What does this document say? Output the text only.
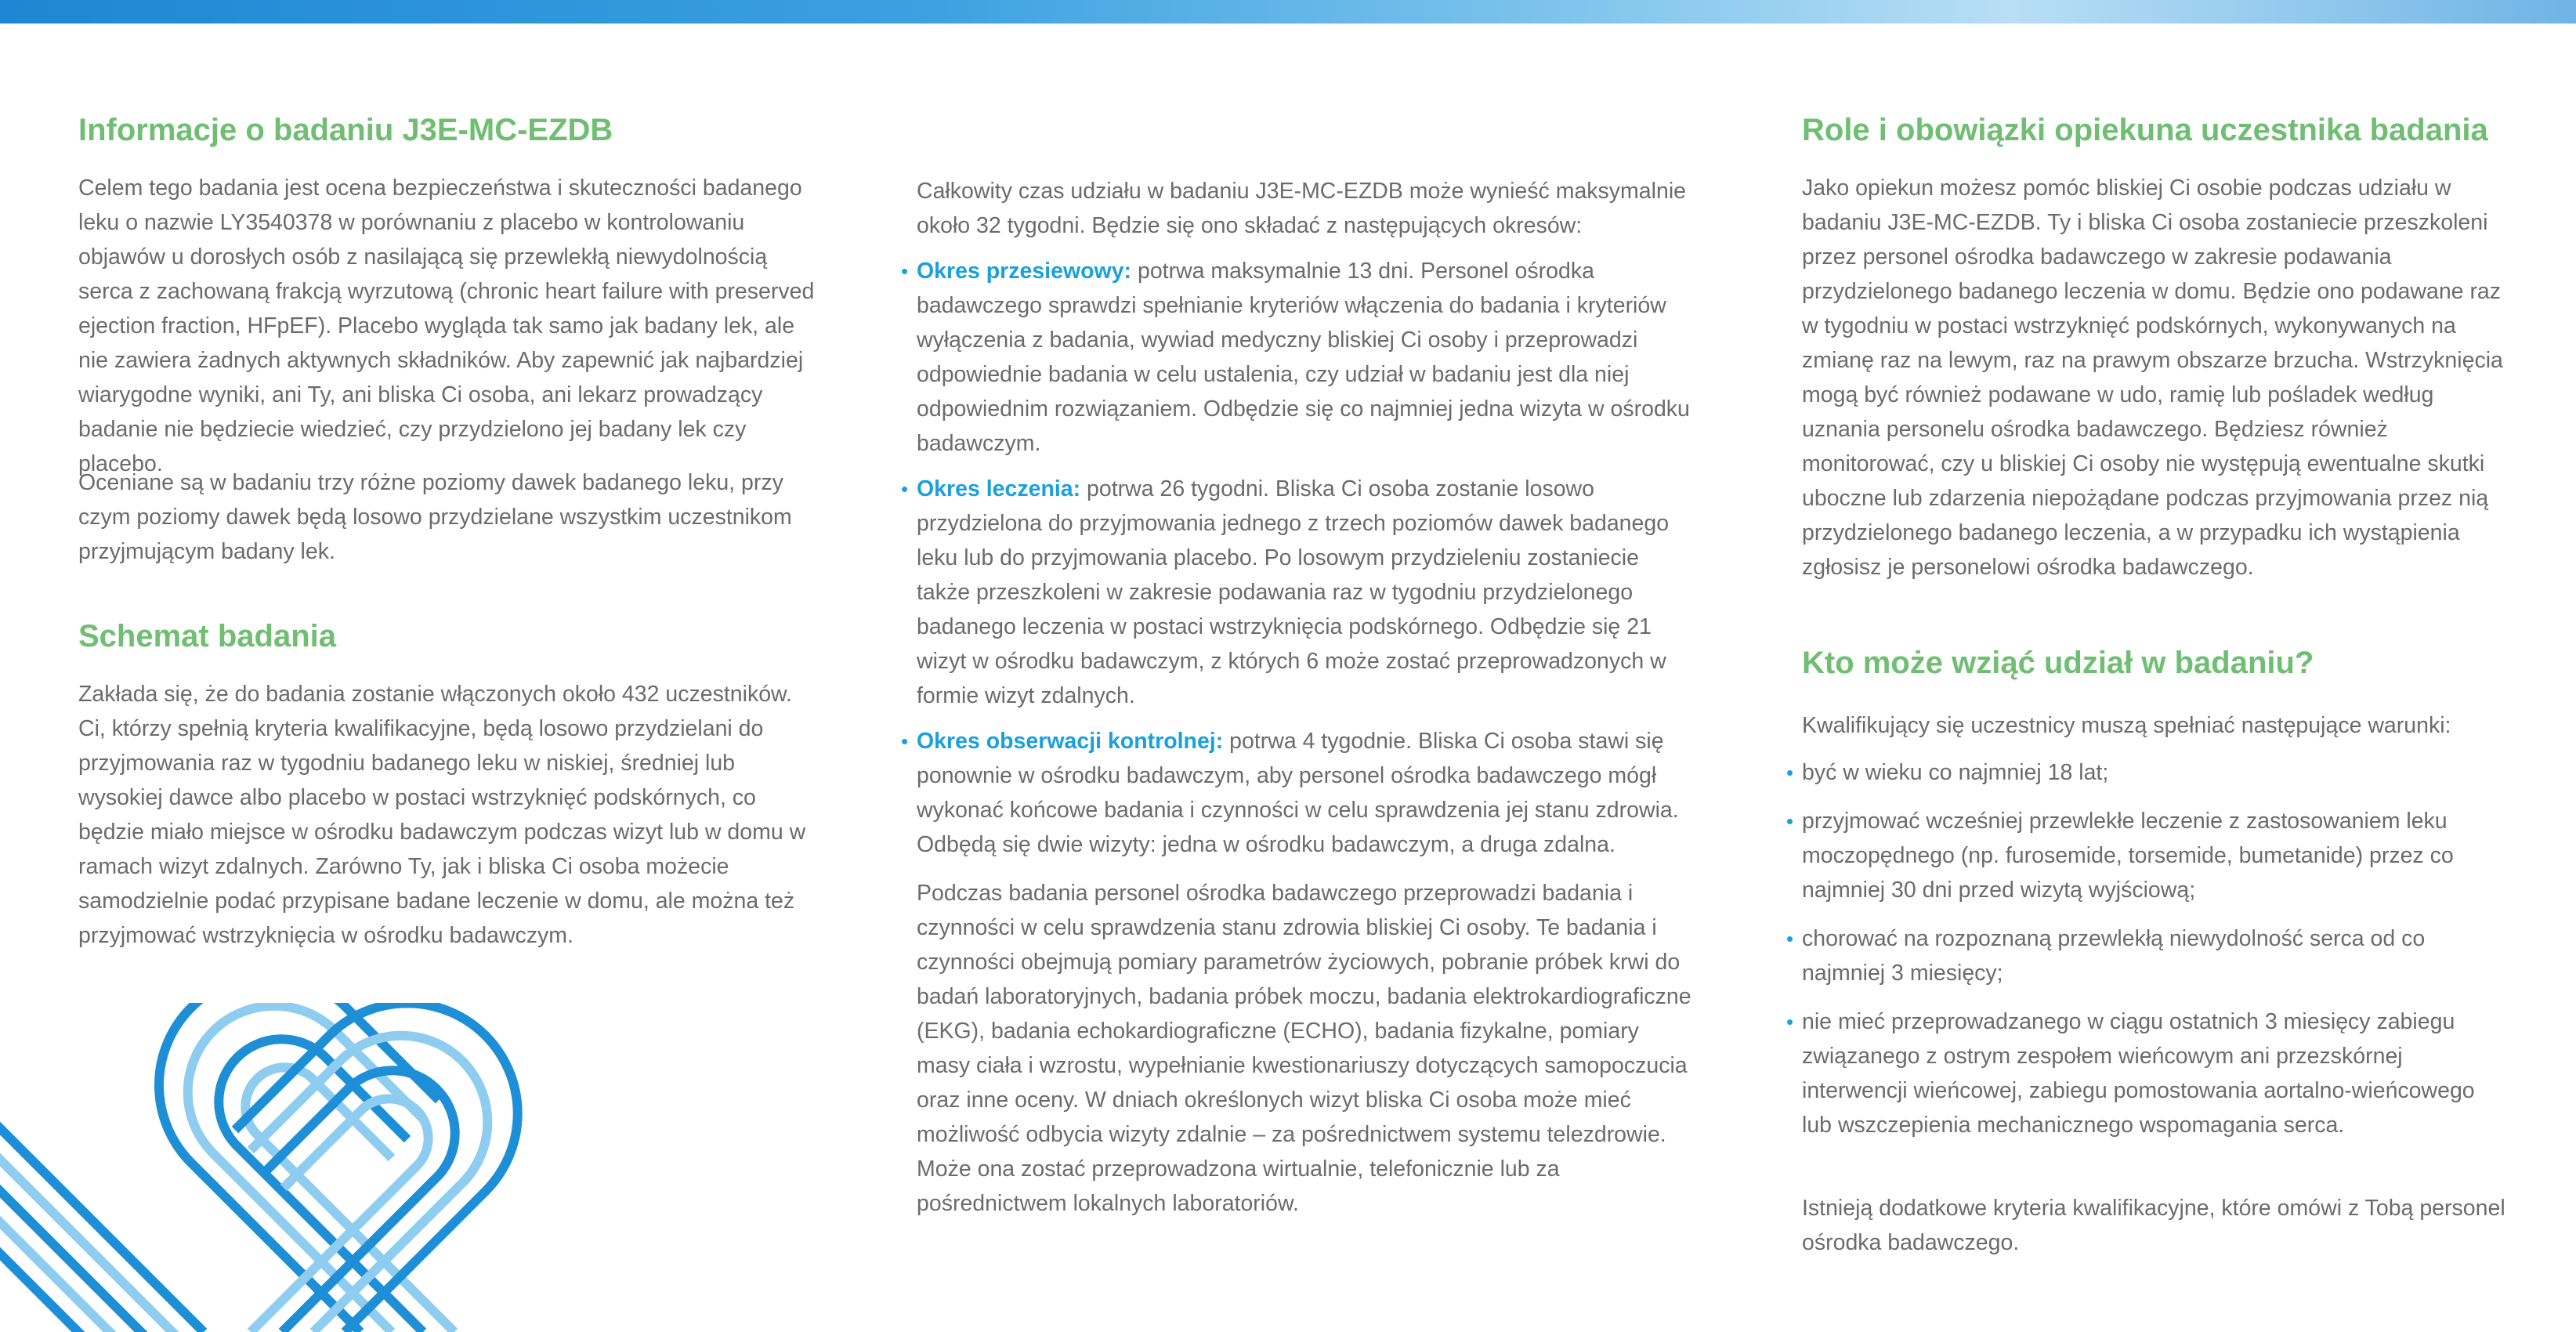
Informacje o badaniu J3E-MC-EZDB

Celem tego badania jest ocena bezpieczeństwa i skuteczności badanego leku o nazwie LY3540378 w porównaniu z placebo w kontrolowaniu objawów u dorosłych osób z nasilającą się przewlekłą niewydolnością serca z zachowaną frakcją wyrzutową (chronic heart failure with preserved ejection fraction, HFpEF). Placebo wygląda tak samo jak badany lek, ale nie zawiera żadnych aktywnych składników. Aby zapewnić jak najbardziej wiarygodne wyniki, ani Ty, ani bliska Ci osoba, ani lekarz prowadzący badanie nie będziecie wiedzieć, czy przydzielono jej badany lek czy placebo.

Oceniane są w badaniu trzy różne poziomy dawek badanego leku, przy czym poziomy dawek będą losowo przydzielane wszystkim uczestnikom przyjmującym badany lek.

Schemat badania

Zakłada się, że do badania zostanie włączonych około 432 uczestników. Ci, którzy spełnią kryteria kwalifikacyjne, będą losowo przydzielani do przyjmowania raz w tygodniu badanego leku w niskiej, średniej lub wysokiej dawce albo placebo w postaci wstrzyknięć podskórnych, co będzie miało miejsce w ośrodku badawczym podczas wizyt lub w domu w ramach wizyt zdalnych. Zarówno Ty, jak i bliska Ci osoba możecie samodzielnie podać przypisane badane leczenie w domu, ale można też przyjmować wstrzyknięcia w ośrodku badawczym.

Całkowity czas udziału w badaniu J3E-MC-EZDB może wynieść maksymalnie około 32 tygodni. Będzie się ono składać z następujących okresów:

• Okres przesiewowy: potrwa maksymalnie 13 dni. Personel ośrodka badawczego sprawdzi spełnianie kryteriów włączenia do badania i kryteriów wyłączenia z badania, wywiad medyczny bliskiej Ci osoby i przeprowadzi odpowiednie badania w celu ustalenia, czy udział w badaniu jest dla niej odpowiednim rozwiązaniem. Odbędzie się co najmniej jedna wizyta w ośrodku badawczym.
• Okres leczenia: potrwa 26 tygodni. Bliska Ci osoba zostanie losowo przydzielona do przyjmowania jednego z trzech poziomów dawek badanego leku lub do przyjmowania placebo. Po losowym przydzieleniu zostaniecie także przeszkoleni w zakresie podawania raz w tygodniu przydzielonego badanego leczenia w postaci wstrzyknięcia podskórnego. Odbędzie się 21 wizyt w ośrodku badawczym, z których 6 może zostać przeprowadzonych w formie wizyt zdalnych.
• Okres obserwacji kontrolnej: potrwa 4 tygodnie. Bliska Ci osoba stawi się ponownie w ośrodku badawczym, aby personel ośrodka badawczego mógł wykonać końcowe badania i czynności w celu sprawdzenia jej stanu zdrowia. Odbędą się dwie wizyty: jedna w ośrodku badawczym, a druga zdalna.

Podczas badania personel ośrodka badawczego przeprowadzi badania i czynności w celu sprawdzenia stanu zdrowia bliskiej Ci osoby. Te badania i czynności obejmują pomiary parametrów życiowych, pobranie próbek krwi do badań laboratoryjnych, badania próbek moczu, badania elektrokardiograficzne (EKG), badania echokardiograficzne (ECHO), badania fizykalne, pomiary masy ciała i wzrostu, wypełnianie kwestionariuszy dotyczących samopoczucia oraz inne oceny. W dniach określonych wizyt bliska Ci osoba może mieć możliwość odbycia wizyty zdalnie – za pośrednictwem systemu telezdrowie. Może ona zostać przeprowadzona wirtualnie, telefonicznie lub za pośrednictwem lokalnych laboratoriów.

Role i obowiązki opiekuna uczestnika badania

Jako opiekun możesz pomóc bliskiej Ci osobie podczas udziału w badaniu J3E-MC-EZDB. Ty i bliska Ci osoba zostaniecie przeszkoleni przez personel ośrodka badawczego w zakresie podawania przydzielonego badanego leczenia w domu. Będzie ono podawane raz w tygodniu w postaci wstrzyknięć podskórnych, wykonywanych na zmianę raz na lewym, raz na prawym obszarze brzucha. Wstrzyknięcia mogą być również podawane w udo, ramię lub pośladek według uznania personelu ośrodka badawczego. Będziesz również monitorować, czy u bliskiej Ci osoby nie występują ewentualne skutki uboczne lub zdarzenia niepożądane podczas przyjmowania przez nią przydzielonego badanego leczenia, a w przypadku ich wystąpienia zgłosisz je personelowi ośrodka badawczego.

Kto może wziąć udział w badaniu?

Kwalifikujący się uczestnicy muszą spełniać następujące warunki:

• być w wieku co najmniej 18 lat;
• przyjmować wcześniej przewlekłe leczenie z zastosowaniem leku moczopędnego (np. furosemide, torsemide, bumetanide) przez co najmniej 30 dni przed wizytą wyjściową;
• chorować na rozpoznaną przewlekłą niewydolność serca od co najmniej 3 miesięcy;
• nie mieć przeprowadzanego w ciągu ostatnich 3 miesięcy zabiegu związanego z ostrym zespołem wieńcowym ani przezskórnej interwencji wieńcowej, zabiegu pomostowania aortalno-wieńcowego lub wszczepienia mechanicznego wspomagania serca.

Istnieją dodatkowe kryteria kwalifikacyjne, które omówi z Tobą personel ośrodka badawczego.
